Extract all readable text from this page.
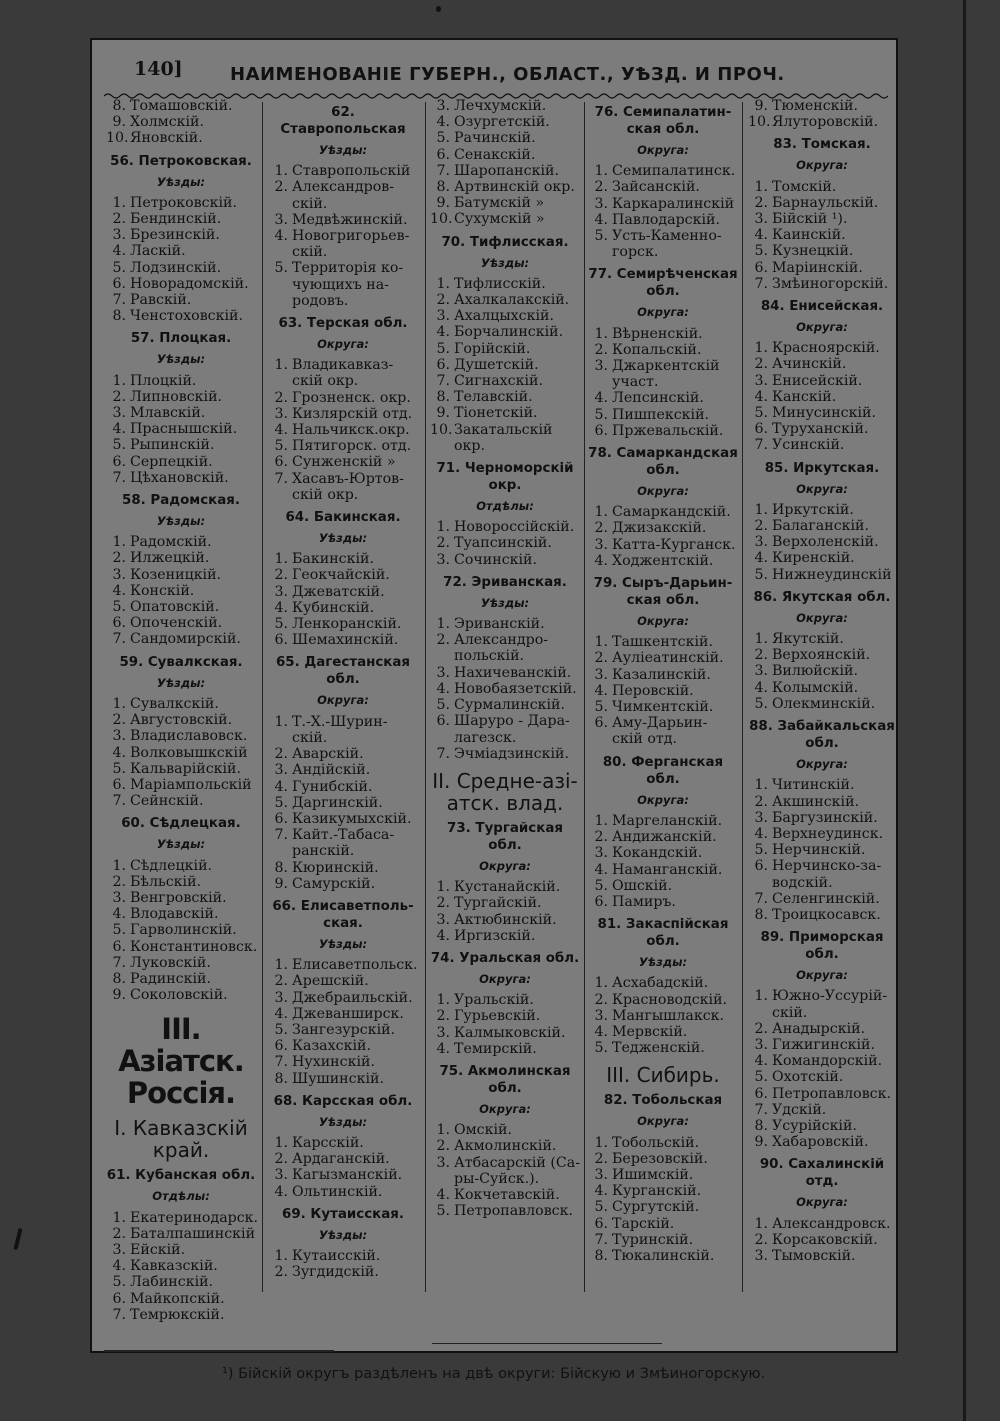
140]	НАИМЕНОВАНІЕ ГУБЕРН., ОБЛАСТ., УѢЗД. И ПРОЧ.
8. Томашовскій.
9. Холмскій.
10.Яновскій.
56. Петроковская.
Уѣзды:
1. Петроковскій.
2. Бендинскій.
3. Брезинскій.
4. Ласкій.
5. Лодзинскій.
6. Новорадомскій.
7. Равскій.
8. Ченстоховскій.
57. Плоцкая.
Уѣзды:
1. Плоцкій.
2. Липновскій.
3. Млавскій.
4. Праснышскій.
5. Рыпинскій.
6. Серпецкій.
7. Цѣхановскій.
58. Радомская.
Уѣзды:
1. Радомскій.
2. Илжецкій.
3. Козеницкій.
4. Конскій.
5. Опатовскій.
6. Опоченскій.
7. Сандомирскій.
59. Сувалкская.
Уѣзды:
1. Сувалкскій.
2. Августовскій.
3. Владиславовск.
4. Волковышкскій
5. Кальварійскій.
6. Маріампольскій
7. Сейнскій.
60. Сѣдлецкая.
Уѣзды:
1. Сѣдлецкій.
2. Бѣльскій.
3. Венгровскій.
4. Влодавскій.
5. Гарволинскій.
6. Константиновск.
7. Луковскій.
8. Радинскій.
9. Соколовскій.
III. Азіатск. Россія.
I. Кавказскій край.
61. Кубанская обл.
Отдѣлы:
1. Екатеринодарск.
2. Баталпашинскій
3. Ейскій.
4. Кавказскій.
5. Лабинскій.
6. Майкопскій.
7. Темрюкскій.
62. Ставропольская
Уѣзды:
1. Ставропольскій
2. Александров-
скій.
3. Медвѣжинскій.
4. Новогригорьев-
скій.
5. Территорія ко-
чующихъ на-
родовъ.
63. Терская обл.
Округа:
1. Владикавказ-
скій окр.
2. Грозненск. окр.
3. Кизлярскій отд.
4. Нальчикск.окр.
5. Пятигорск. отд.
6. Сунженскій »
7. Хасавъ-Юртов-
скій окр.
64. Бакинская.
Уѣзды:
1. Бакинскій.
2. Геокчайскій.
3. Джеватскій.
4. Кубинскій.
5. Ленкоранскій.
6. Шемахинскій.
65. Дагестанская обл.
Округа:
1. Т.-Х.-Шурин-
скій.
2. Аварскій.
3. Андійскій.
4. Гунибскій.
5. Даргинскій.
6. Казикумыхскій.
7. Кайт.-Табаса-
ранскій.
8. Кюринскій.
9. Самурскій.
66. Елисаветполь- ская.
Уѣзды:
1. Елисаветпольск.
2. Арешскій.
3. Джебраильскій.
4. Джеванширск.
5. Зангезурскій.
6. Казахскій.
7. Нухинскій.
8. Шушинскій.
68. Карсская обл.
Уѣзды:
1. Карсскій.
2. Ардаганскій.
3. Кагызманскій.
4. Ольтинскій.
69. Кутаисская.
Уѣзды:
1. Кутаисскій.
2. Зугдидскій.
3. Лечхумскій.
4. Озургетскій.
5. Рачинскій.
6. Сенакскій.
7. Шаропанскій.
8. Артвинскій окр.
9. Батумскій »
10.Сухумскій »
70. Тифлисская.
Уѣзды:
1. Тифлисскій.
2. Ахалкалакскій.
3. Ахалцыхскій.
4. Борчалинскій.
5. Горійскій.
6. Душетскій.
7. Сигнахскій.
8. Телавскій.
9. Тіонетскій.
10.Закатальскій
окр.
71. Черноморскій окр.
Отдѣлы:
1. Новороссійскій.
2. Туапсинскій.
3. Сочинскій.
72. Эриванская.
Уѣзды:
1. Эриванскій.
2. Александро-
польскій.
3. Нахичеванскій.
4. Новобаязетскій.
5. Сурмалинскій.
6. Шаруро - Дара-
лагезск.
7. Эчміадзинскій.
II. Средне-азі- атск. влад.
73. Тургайская обл.
Округа:
1. Кустанайскій.
2. Тургайскій.
3. Актюбинскій.
4. Иргизскій.
74. Уральская обл.
Округа:
1. Уральскій.
2. Гурьевскій.
3. Калмыковскій.
4. Темирскій.
75. Акмолинская обл.
Округа:
1. Омскій.
2. Акмолинскій.
3. Атбасарскій (Са-
ры-Суйск.).
4. Кокчетавскій.
5. Петропавловск.
76. Семипалатин- ская обл.
Округа:
1. Семипалатинск.
2. Зайсанскій.
3. Каркаралинскій
4. Павлодарскій.
5. Усть-Каменно-
горск.
77. Семирѣченская обл.
Округа:
1. Вѣрненскій.
2. Копальскій.
3. Джаркентскій
участ.
4. Лепсинскій.
5. Пишпекскій.
6. Пржевальскій.
78. Самаркандская обл.
Округа:
1. Самаркандскій.
2. Джизакскій.
3. Катта-Курганск.
4. Ходжентскій.
79. Сыръ-Дарьин- ская обл.
Округа:
1. Ташкентскій.
2. Ауліеатинскій.
3. Казалинскій.
4. Перовскій.
5. Чимкентскій.
6. Аму-Дарьин-
скій отд.
80. Ферганская обл.
Округа:
1. Маргеланскій.
2. Андижанскій.
3. Кокандскій.
4. Наманганскій.
5. Ошскій.
6. Памиръ.
81. Закаспійская обл.
Уѣзды:
1. Асхабадскій.
2. Красноводскій.
3. Мангышлакск.
4. Мервскій.
5. Тедженскій.
III. Сибирь.
82. Тобольская
Округа:
1. Тобольскій.
2. Березовскій.
3. Ишимскій.
4. Курганскій.
5. Сургутскій.
6. Тарскій.
7. Туринскій.
8. Тюкалинскій.
9. Тюменскій.
10.Ялуторовскій.
83. Томская.
Округа:
1. Томскій.
2. Барнаульскій.
3. Бійскій ¹).
4. Каинскій.
5. Кузнецкій.
6. Маріинскій.
7. Змѣиногорскій.
84. Енисейская.
Округа:
1. Красноярскій.
2. Ачинскій.
3. Енисейскій.
4. Канскій.
5. Минусинскій.
6. Туруханскій.
7. Усинскій.
85. Иркутская.
Округа:
1. Иркутскій.
2. Балаганскій.
3. Верхоленскій.
4. Киренскій.
5. Нижнеудинскій
86. Якутская обл.
Округа:
1. Якутскій.
2. Верхоянскій.
3. Вилюйскій.
4. Колымскій.
5. Олекминскій.
88. Забайкальская обл.
Округа:
1. Читинскій.
2. Акшинскій.
3. Баргузинскій.
4. Верхнеудинск.
5. Нерчинскій.
6. Нерчинско-за-
водскій.
7. Селенгинскій.
8. Троицкосавск.
89. Приморская обл.
Округа:
1. Южно-Уссурій-
скій.
2. Анадырскій.
3. Гижигинскій.
4. Командорскій.
5. Охотскій.
6. Петропавловск.
7. Удскій.
8. Усурійскій.
9. Хабаровскій.
90. Сахалинскій отд.
Округа:
1. Александровск.
2. Корсаковскій.
3. Тымовскій.
¹) Бійскій округъ раздѣленъ на двѣ округи: Бійскую и Змѣиногорскую.
